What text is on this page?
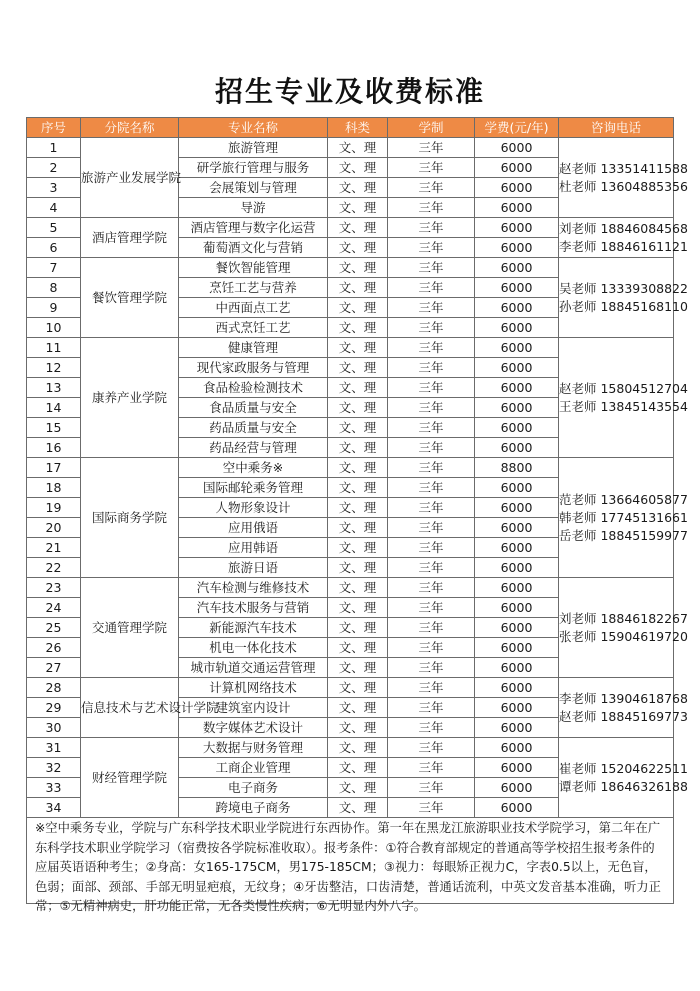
招生专业及收费标准
序号	分院名称	专业名称	科类	学制	学费(元/年)	咨询电话
1	旅游产业发展学院	旅游管理	文、理	三年	6000	赵老师 13351411588
杜老师 13604885356

2		研学旅行管理与服务	文、理	三年	6000	
3		会展策划与管理	文、理	三年	6000	
4		导游	文、理	三年	6000	
5	酒店管理学院	酒店管理与数字化运营	文、理	三年	6000	刘老师 18846084568
李老师 18846161121

6		葡萄酒文化与营销	文、理	三年	6000	
7	餐饮管理学院	餐饮智能管理	文、理	三年	6000	吴老师 13339308822
孙老师 18845168110

8		烹饪工艺与营养	文、理	三年	6000	
9		中西面点工艺	文、理	三年	6000	
10		西式烹饪工艺	文、理	三年	6000	
11	康养产业学院	健康管理	文、理	三年	6000	赵老师 15804512704
王老师 13845143554

12		现代家政服务与管理	文、理	三年	6000	
13		食品检验检测技术	文、理	三年	6000	
14		食品质量与安全	文、理	三年	6000	
15		药品质量与安全	文、理	三年	6000	
16		药品经营与管理	文、理	三年	6000	
17	国际商务学院	空中乘务※	文、理	三年	8800	范老师 13664605877
韩老师 17745131661
岳老师 18845159977

18		国际邮轮乘务管理	文、理	三年	6000	
19		人物形象设计	文、理	三年	6000	
20		应用俄语	文、理	三年	6000	
21		应用韩语	文、理	三年	6000	
22		旅游日语	文、理	三年	6000	
23	交通管理学院	汽车检测与维修技术	文、理	三年	6000	刘老师 18846182267
张老师 15904619720

24		汽车技术服务与营销	文、理	三年	6000	
25		新能源汽车技术	文、理	三年	6000	
26		机电一体化技术	文、理	三年	6000	
27		城市轨道交通运营管理	文、理	三年	6000	
28	信息技术与艺术设计学院	计算机网络技术	文、理	三年	6000	李老师 13904618768
赵老师 18845169773

29		建筑室内设计	文、理	三年	6000	
30		数字媒体艺术设计	文、理	三年	6000	
31	财经管理学院	大数据与财务管理	文、理	三年	6000	崔老师 15204622511
谭老师 18646326188

32		工商企业管理	文、理	三年	6000	
33		电子商务	文、理	三年	6000	
34		跨境电子商务	文、理	三年	6000	
※空中乘务专业，学院与广东科学技术职业学院进行东西协作。第一年在黑龙江旅游职业技术学院学习，第二年在广东科学技术职业学院学习（宿费按各学院标准收取）。报考条件：①符合教育部规定的普通高等学校招生报考条件的应届英语语种考生；②身高：女165-175CM，男175-185CM；③视力：每眼矫正视力C，字表0.5以上，无色盲，色弱；面部、颈部、手部无明显疤痕，无纹身；④牙齿整洁，口齿清楚，普通话流利，中英文发音基本准确，听力正常；⑤无精神病史，肝功能正常，无各类慢性疾病；⑥无明显内外八字。
